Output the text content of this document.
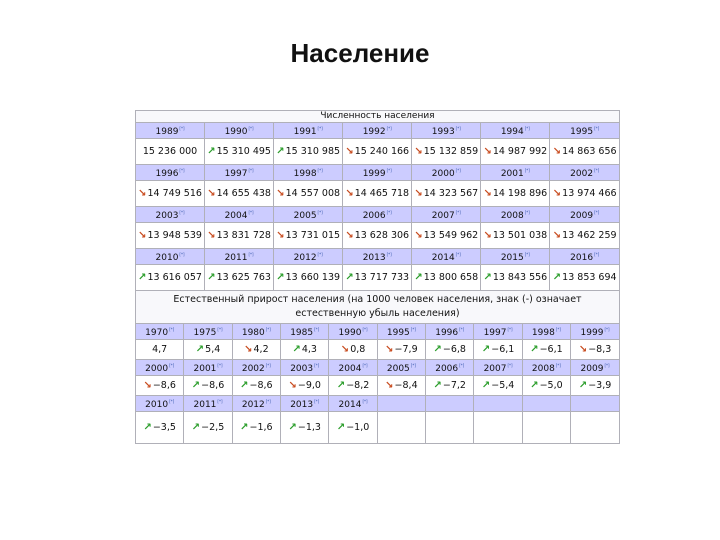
Население
Численность населения															
1989[*]		1990[*]		1991[*]			1992[*]		1993[*]			1994[*]		1995[*]
15 236 000		↗15 310 495		↗15 310 985			↘15 240 166		↘15 132 859			↘14 987 992		↘14 863 656	
1996[*]		1997[*]		1998[*]			1999[*]		2000[*]			2001[*]		2002[*]
↘14 749 516		↘14 655 438		↘14 557 008			↘14 465 718		↘14 323 567			↘14 198 896		↘13 974 466	
2003[*]		2004[*]		2005[*]			2006[*]		2007[*]			2008[*]		2009[*]
↘13 948 539		↘13 831 728		↘13 731 015			↘13 628 306		↘13 549 962			↘13 501 038		↘13 462 259	
2010[*]		2011[*]		2012[*]			2013[*]		2014[*]			2015[*]		2016[*]
↗13 616 057		↗13 625 763		↗13 660 139			↗13 717 733		↗13 800 658			↗13 843 556		↗13 853 694	
Естественный прирост населения (на 1000 человек населения, знак (-) означает естественную убыль населения)															
1970[*]	1975[*]		1980[*]		1985[*]	1990[*]		1995[*]		1996[*]	1997[*]		1998[*]		1999[*]
4,7	↗5,4		↘4,2		↗4,3	↘0,8		↘−7,9		↗−6,8	↗−6,1		↗−6,1		↘−8,3
2000[*]	2001[*]		2002[*]		2003[*]	2004[*]		2005[*]		2006[*]	2007[*]		2008[*]		2009[*]
↘−8,6	↗−8,6		↗−8,6		↘−9,0	↗−8,2		↘−8,4		↗−7,2	↗−5,4		↗−5,0		↗−3,9
2010[*]	2011[*]		2012[*]		2013[*]	2014[*]					
↗−3,5	↗−2,5		↗−1,6		↗−1,3	↗−1,0									
